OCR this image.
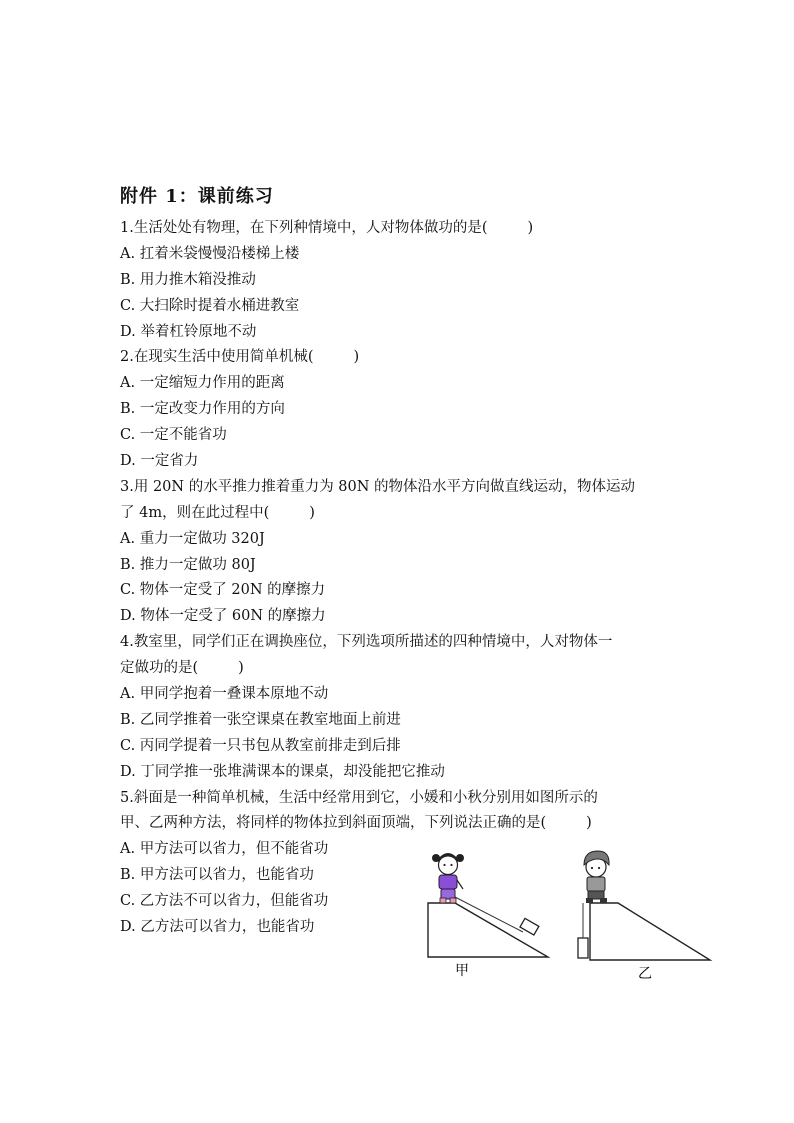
附件 1：课前练习
1.生活处处有物理，在下列种情境中，人对物体做功的是(	)
A. 扛着米袋慢慢沿楼梯上楼
B. 用力推木箱没推动
C. 大扫除时提着水桶进教室
D. 举着杠铃原地不动
2.在现实生活中使用简单机械(	)
A. 一定缩短力作用的距离
B. 一定改变力作用的方向
C. 一定不能省功
D. 一定省力
3.用 20N 的水平推力推着重力为 80N 的物体沿水平方向做直线运动，物体运动
了 4m，则在此过程中(	)
A. 重力一定做功 320J
B. 推力一定做功 80J
C. 物体一定受了 20N 的摩擦力
D. 物体一定受了 60N 的摩擦力
4.教室里，同学们正在调换座位，下列选项所描述的四种情境中，人对物体一
定做功的是(	)
A. 甲同学抱着一叠课本原地不动
B. 乙同学推着一张空课桌在教室地面上前进
C. 丙同学提着一只书包从教室前排走到后排
D. 丁同学推一张堆满课本的课桌，却没能把它推动
5.斜面是一种简单机械，生活中经常用到它，小媛和小秋分别用如图所示的
甲、乙两种方法，将同样的物体拉到斜面顶端，下列说法正确的是(	)
A. 甲方法可以省力，但不能省功
B. 甲方法可以省力，也能省功
C. 乙方法不可以省力，但能省功
D. 乙方法可以省力，也能省功
甲	乙
